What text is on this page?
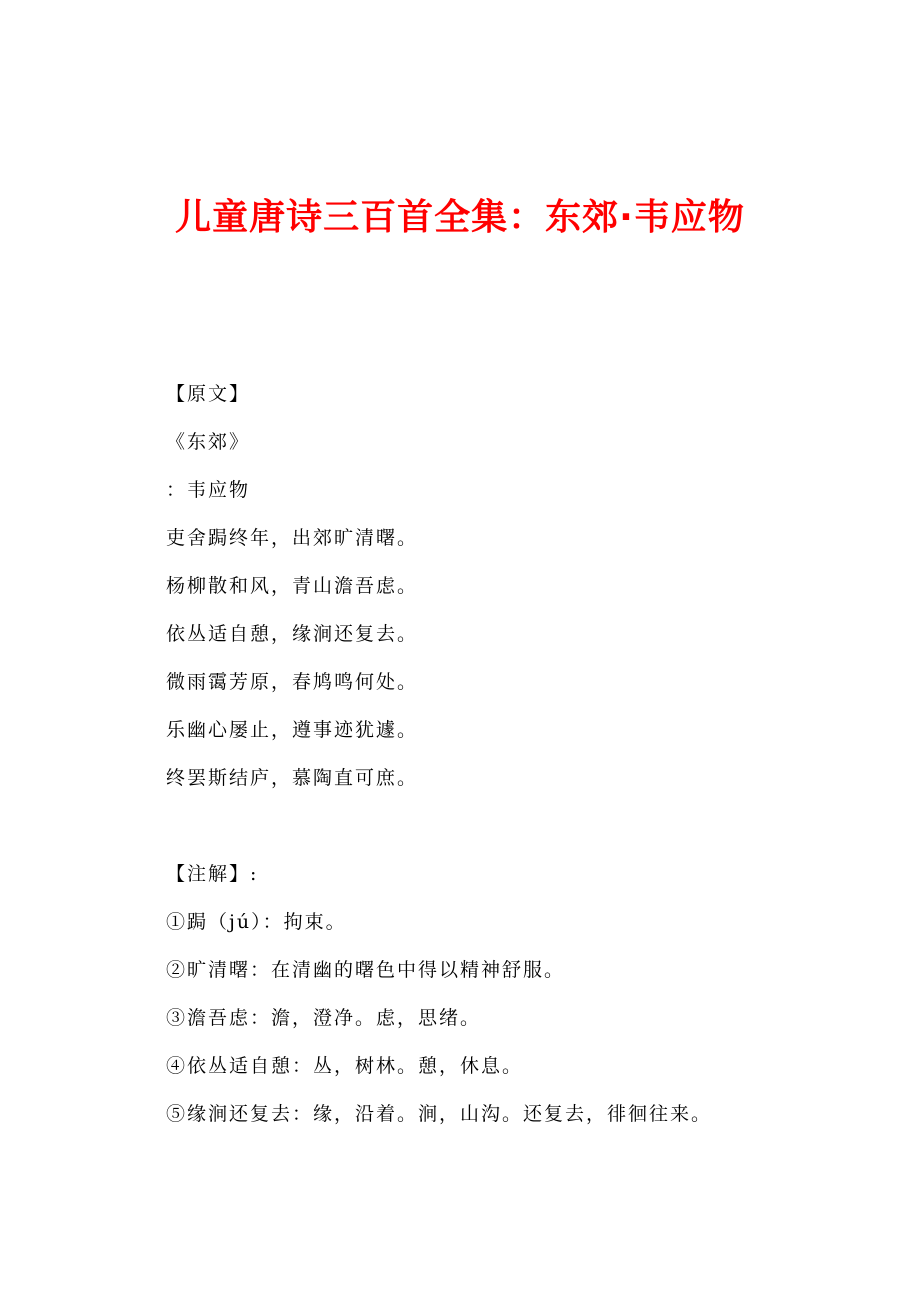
儿童唐诗三百首全集：东郊·韦应物

【原文】

《东郊》

：韦应物

吏舍跼终年，出郊旷清曙。

杨柳散和风，青山澹吾虑。

依丛适自憩，缘涧还复去。

微雨霭芳原，春鸠鸣何处。

乐幽心屡止，遵事迹犹遽。

终罢斯结庐，慕陶直可庶。

【注解】:

①跼（jú）：拘束。

②旷清曙：在清幽的曙色中得以精神舒服。

③澹吾虑：澹，澄净。虑，思绪。

④依丛适自憩：丛，树林。憩，休息。

⑤缘涧还复去：缘，沿着。涧，山沟。还复去，徘徊往来。
